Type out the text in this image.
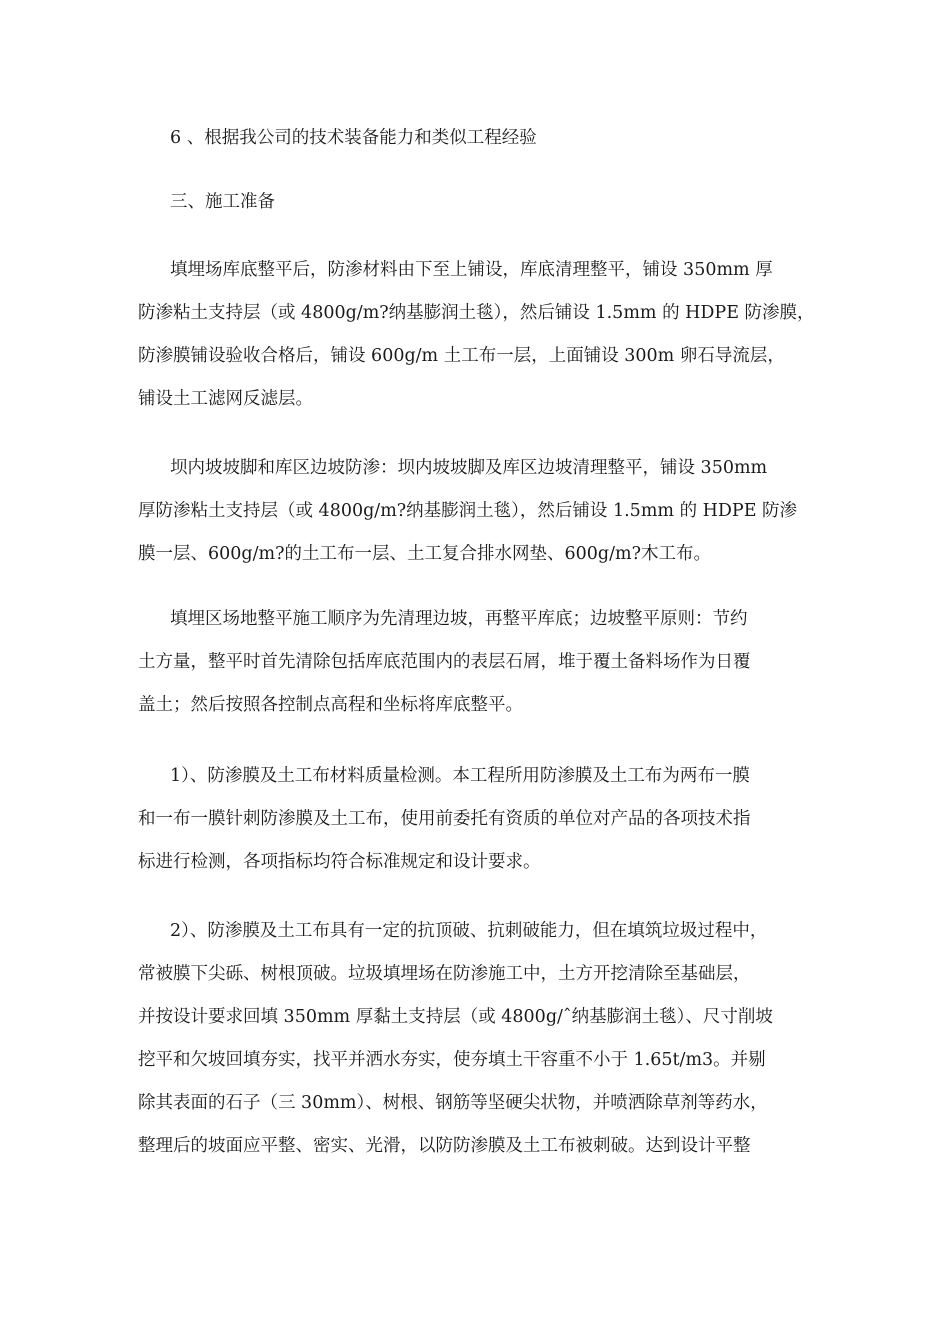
6 、根据我公司的技术装备能力和类似工程经验
三、施工准备
填埋场库底整平后，防渗材料由下至上铺设，库底清理整平，铺设 350mm 厚
防渗粘土支持层（或 4800g/m?纳基膨润土毯），然后铺设 1.5mm 的 HDPE 防渗膜，
防渗膜铺设验收合格后，铺设 600g/m 土工布一层，上面铺设 300m 卵石导流层，
铺设土工滤网反滤层。
坝内坡坡脚和库区边坡防渗：坝内坡坡脚及库区边坡清理整平，铺设 350mm
厚防渗粘土支持层（或 4800g/m?纳基膨润土毯），然后铺设 1.5mm 的 HDPE 防渗
膜一层、600g/m?的土工布一层、土工复合排水网垫、600g/m?木工布。
填埋区场地整平施工顺序为先清理边坡，再整平库底；边坡整平原则：节约
土方量，整平时首先清除包括库底范围内的表层石屑，堆于覆土备料场作为日覆
盖土；然后按照各控制点高程和坐标将库底整平。
1）、防渗膜及土工布材料质量检测。本工程所用防渗膜及土工布为两布一膜
和一布一膜针刺防渗膜及土工布，使用前委托有资质的单位对产品的各项技术指
标进行检测，各项指标均符合标准规定和设计要求。
2）、防渗膜及土工布具有一定的抗顶破、抗刺破能力，但在填筑垃圾过程中，
常被膜下尖砾、树根顶破。垃圾填埋场在防渗施工中，土方开挖清除至基础层，
并按设计要求回填 350mm 厚黏土支持层（或 4800g/ˆ纳基膨润土毯）、尺寸削坡
挖平和欠坡回填夯实，找平并洒水夯实，使夯填土干容重不小于 1.65t/m3。并剔
除其表面的石子（三 30mm）、树根、钢筋等坚硬尖状物，并喷洒除草剂等药水，
整理后的坡面应平整、密实、光滑，以防防渗膜及土工布被刺破。达到设计平整
